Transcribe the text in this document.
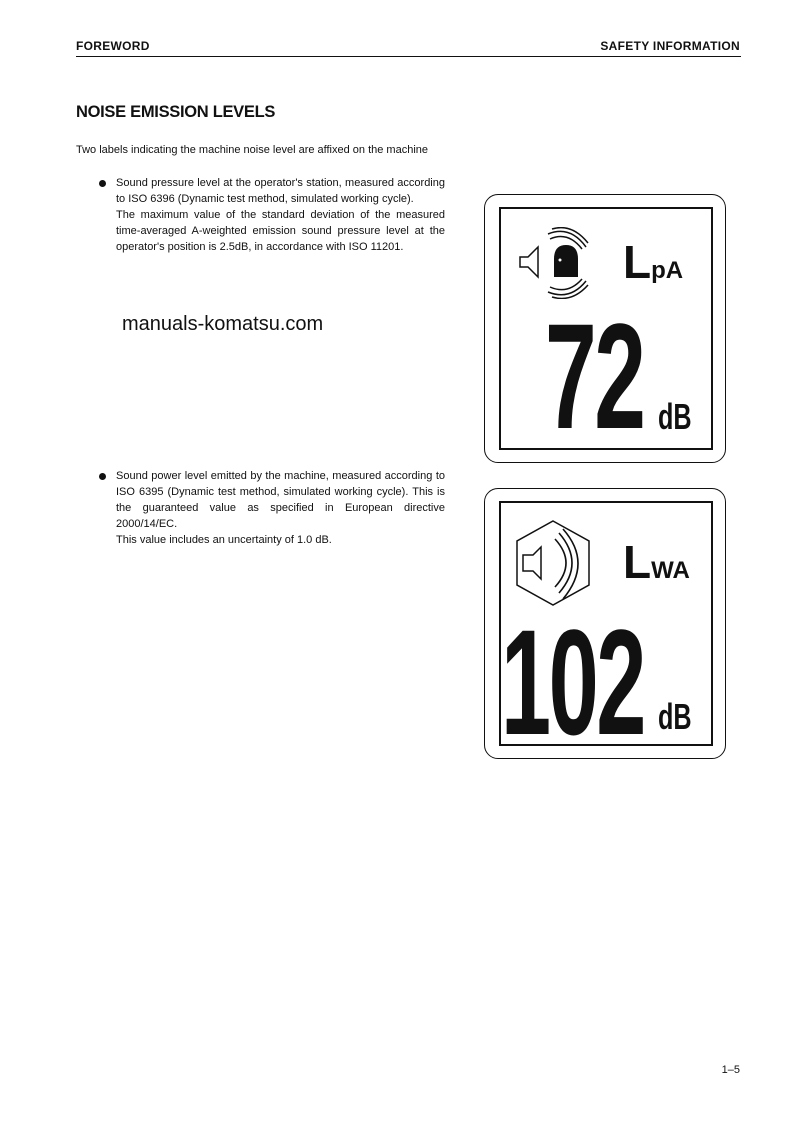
FOREWORD	SAFETY INFORMATION
NOISE EMISSION LEVELS
Two labels indicating the machine noise level are affixed on the machine

Sound pressure level at the operator's station, measured according to ISO 6396 (Dynamic test method, simulated working cycle).

The maximum value of the standard deviation of the measured time-averaged A-weighted emission sound pressure level at the operator's position is 2.5dB, in accordance with ISO 11201.

manuals-komatsu.com

Sound power level emitted by the machine, measured according to ISO 6395 (Dynamic test method, simulated working cycle). This is the guaranteed value as specified in European directive 2000/14/EC.

This value includes an uncertainty of 1.0 dB.

LpA
72 dB
LWA
102 dB
1–5
